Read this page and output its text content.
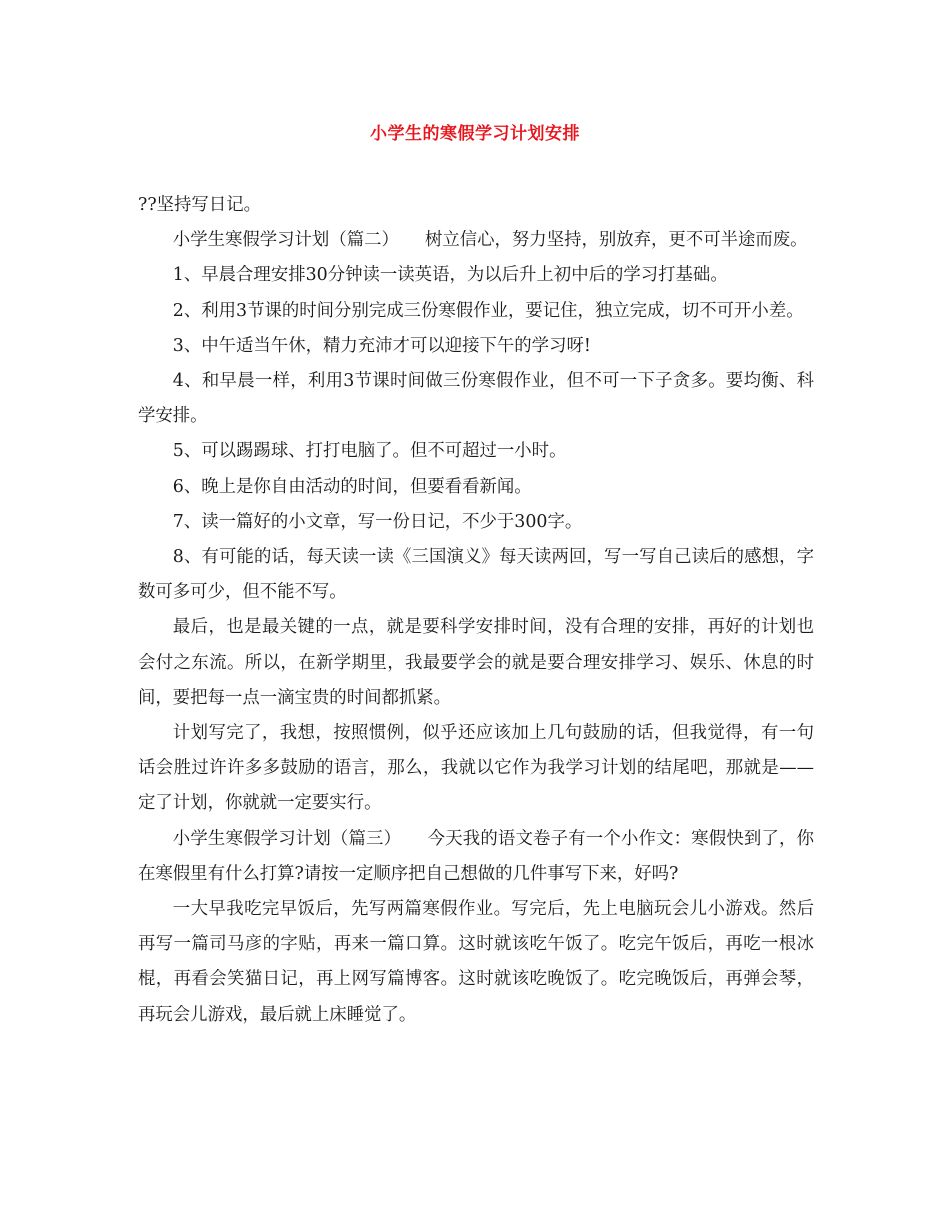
小学生的寒假学习计划安排

??坚持写日记。

小学生寒假学习计划（篇二）　　树立信心，努力坚持，别放弃，更不可半途而废。

1、早晨合理安排30分钟读一读英语，为以后升上初中后的学习打基础。

2、利用3节课的时间分别完成三份寒假作业，要记住，独立完成，切不可开小差。

3、中午适当午休，精力充沛才可以迎接下午的学习呀!

4、和早晨一样，利用3节课时间做三份寒假作业，但不可一下子贪多。要均衡、科学安排。

5、可以踢踢球、打打电脑了。但不可超过一小时。

6、晚上是你自由活动的时间，但要看看新闻。

7、读一篇好的小文章，写一份日记，不少于300字。

8、有可能的话，每天读一读《三国演义》每天读两回，写一写自己读后的感想，字数可多可少，但不能不写。

最后，也是最关键的一点，就是要科学安排时间，没有合理的安排，再好的计划也会付之东流。所以，在新学期里，我最要学会的就是要合理安排学习、娱乐、休息的时间，要把每一点一滴宝贵的时间都抓紧。

计划写完了，我想，按照惯例，似乎还应该加上几句鼓励的话，但我觉得，有一句话会胜过许许多多鼓励的语言，那么，我就以它作为我学习计划的结尾吧，那就是——定了计划，你就就一定要实行。

小学生寒假学习计划（篇三）　　今天我的语文卷子有一个小作文：寒假快到了，你在寒假里有什么打算?请按一定顺序把自己想做的几件事写下来，好吗?

一大早我吃完早饭后，先写两篇寒假作业。写完后，先上电脑玩会儿小游戏。然后再写一篇司马彦的字贴，再来一篇口算。这时就该吃午饭了。吃完午饭后，再吃一根冰棍，再看会笑猫日记，再上网写篇博客。这时就该吃晚饭了。吃完晚饭后，再弹会琴，再玩会儿游戏，最后就上床睡觉了。
